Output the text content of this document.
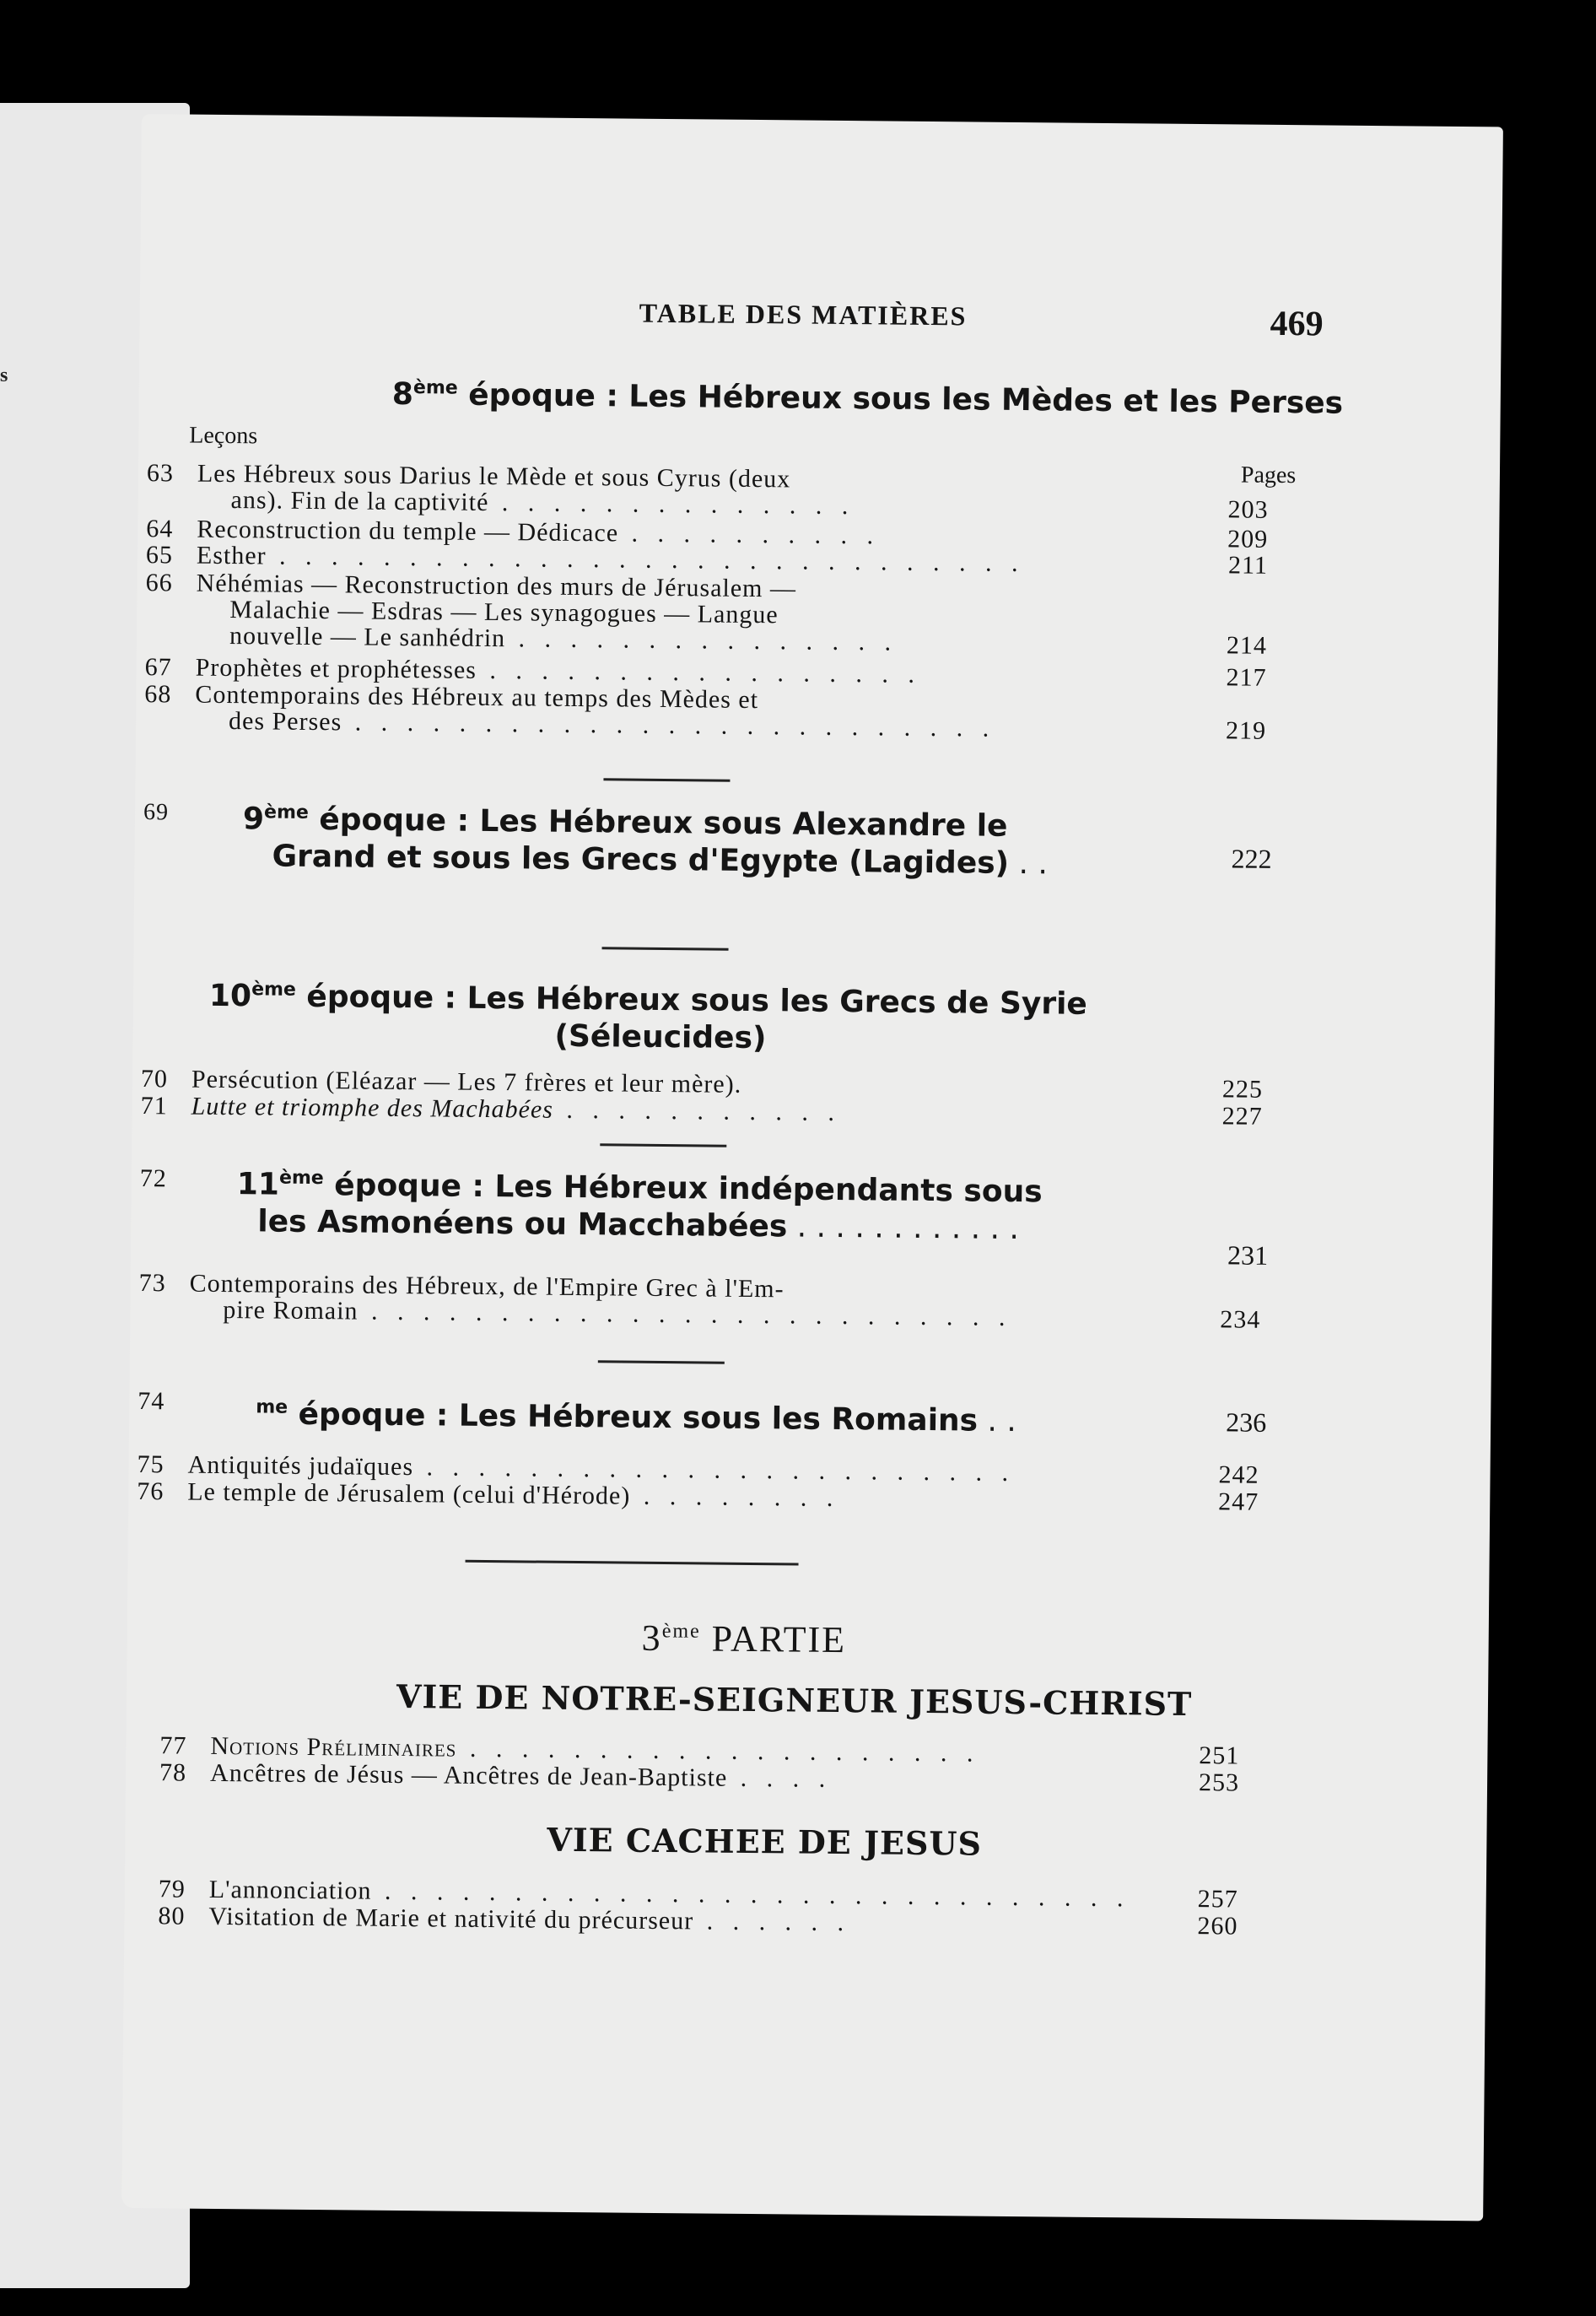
s
TABLE DES MATIÈRES	469
8ème époque : Les Hébreux sous les Mèdes et les Perses
Leçons
Pages
63 Les Hébreux sous Darius le Mède et sous Cyrus (deux
ans). Fin de la captivité . . . . . . . . . . . . . .	203
64 Reconstruction du temple — Dédicace . . . . . . . . . .	209
65 Esther . . . . . . . . . . . . . . . . . . . . . . . . . . . . .	211
66 Néhémias — Reconstruction des murs de Jérusalem —
Malachie — Esdras — Les synagogues — Langue
nouvelle — Le sanhédrin . . . . . . . . . . . . . . .	214
67 Prophètes et prophétesses . . . . . . . . . . . . . . . . .	217
68 Contemporains des Hébreux au temps des Mèdes et
des Perses . . . . . . . . . . . . . . . . . . . . . . . . .	219
69 9ème époque : Les Hébreux sous Alexandre le
Grand et sous les Grecs d'Egypte (Lagides) . .	222
10ème époque : Les Hébreux sous les Grecs de Syrie
(Séleucides)
70 Persécution (Eléazar — Les 7 frères et leur mère).	225
71 Lutte et triomphe des Machabées . . . . . . . . . . .	227
72 11ème époque : Les Hébreux indépendants sous
les Asmonéens ou Macchabées . . . . . . . . . . . .
231
73 Contemporains des Hébreux, de l'Empire Grec à l'Em-
pire Romain . . . . . . . . . . . . . . . . . . . . . . . . .	234
74	$^{me}$ époque : Les Hébreux sous les Romains . .	236
75 Antiquités judaïques . . . . . . . . . . . . . . . . . . . . . . .	242
76 Le temple de Jérusalem (celui d'Hérode) . . . . . . . .	247
3ème PARTIE
VIE DE NOTRE-SEIGNEUR JESUS-CHRIST
77 Notions Préliminaires . . . . . . . . . . . . . . . . . . . .	251
78 Ancêtres de Jésus — Ancêtres de Jean-Baptiste . . . .	253
VIE CACHEE DE JESUS
79 L'annonciation . . . . . . . . . . . . . . . . . . . . . . . . . . . . .	257
80 Visitation de Marie et nativité du précurseur . . . . . .	260
